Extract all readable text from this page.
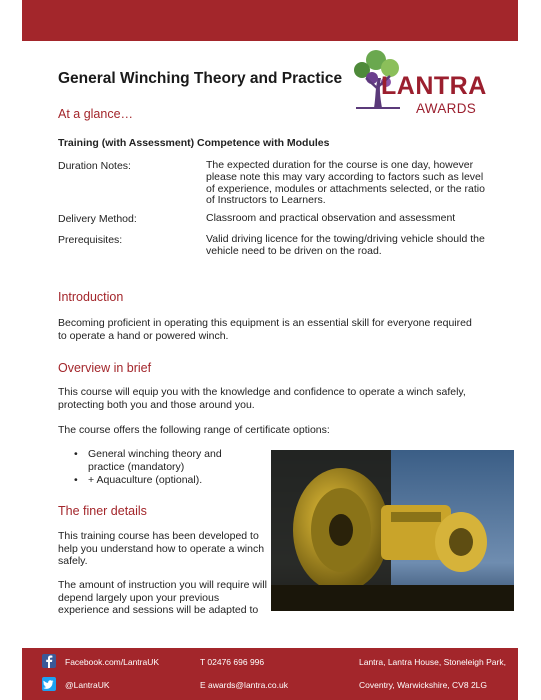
General Winching Theory and Practice LANTRA
AWARDS
At a glance…
Training (with Assessment) Competence with Modules
Duration Notes:	The expected duration for the course is one day, however please note this may vary according to factors such as level of experience, modules or attachments selected, or the ratio of Instructors to Learners.
Delivery Method:	Classroom and practical observation and assessment
Prerequisites:	Valid driving licence for the towing/driving vehicle should the vehicle need to be driven on the road.
Introduction
Becoming proficient in operating this equipment is an essential skill for everyone required to operate a hand or powered winch.
Overview in brief
This course will equip you with the knowledge and confidence to operate a winch safely, protecting both you and those around you.
The course offers the following range of certificate options:
• General winching theory and practice (mandatory)
• + Aquaculture (optional).
The finer details
This training course has been developed to help you understand how to operate a winch safely.
The amount of instruction you will require will depend largely upon your previous experience and sessions will be adapted to
Facebook.com/LantraUK
@LantraUK
T 02476 696 996
E awards@lantra.co.uk
Lantra, Lantra House, Stoneleigh Park,
Coventry, Warwickshire, CV8 2LG
